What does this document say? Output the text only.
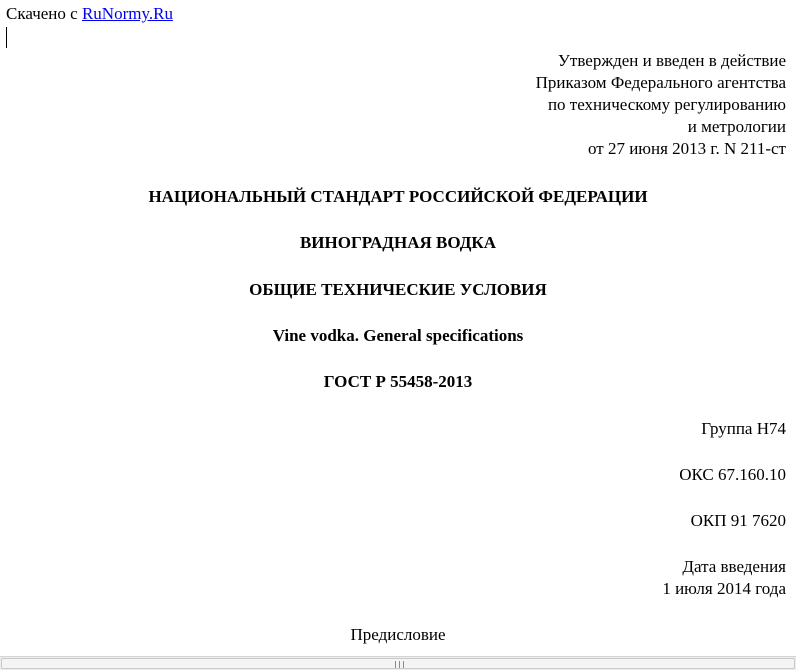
Скачено с RuNormy.Ru
Утвержден и введен в действие
Приказом Федерального агентства
по техническому регулированию
и метрологии
от 27 июня 2013 г. N 211-ст
НАЦИОНАЛЬНЫЙ СТАНДАРТ РОССИЙСКОЙ ФЕДЕРАЦИИ
ВИНОГРАДНАЯ ВОДКА
ОБЩИЕ ТЕХНИЧЕСКИЕ УСЛОВИЯ
Vine vodka. General specifications
ГОСТ Р 55458-2013
Группа Н74
ОКС 67.160.10
ОКП 91 7620
Дата введения
1 июля 2014 года
Предисловие
